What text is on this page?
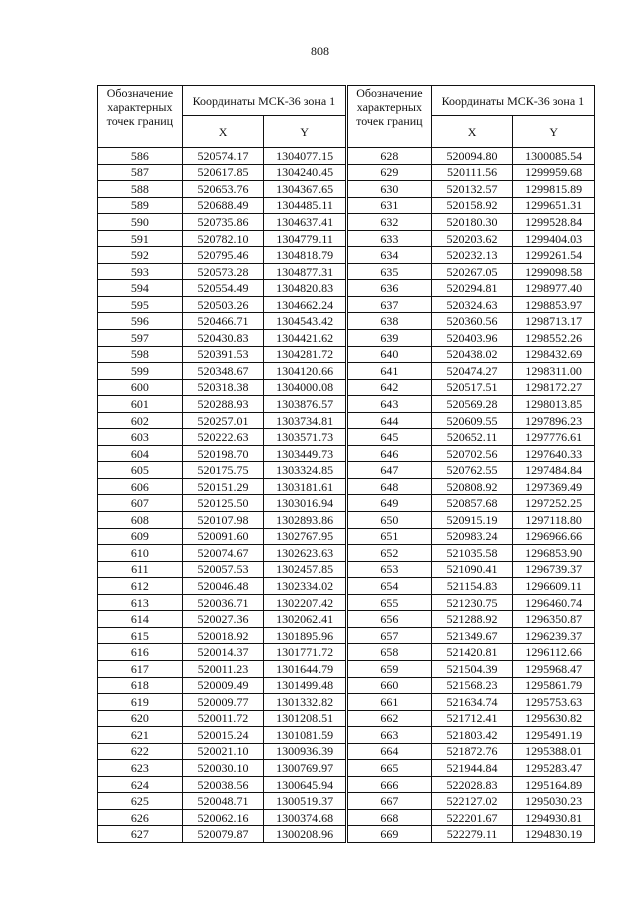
808
Обозначение характерных точек границ	Координаты МСК-36 зона 1	
	X	Y
586	520574.17	1304077.15
587	520617.85	1304240.45
588	520653.76	1304367.65
589	520688.49	1304485.11
590	520735.86	1304637.41
591	520782.10	1304779.11
592	520795.46	1304818.79
593	520573.28	1304877.31
594	520554.49	1304820.83
595	520503.26	1304662.24
596	520466.71	1304543.42
597	520430.83	1304421.62
598	520391.53	1304281.72
599	520348.67	1304120.66
600	520318.38	1304000.08
601	520288.93	1303876.57
602	520257.01	1303734.81
603	520222.63	1303571.73
604	520198.70	1303449.73
605	520175.75	1303324.85
606	520151.29	1303181.61
607	520125.50	1303016.94
608	520107.98	1302893.86
609	520091.60	1302767.95
610	520074.67	1302623.63
611	520057.53	1302457.85
612	520046.48	1302334.02
613	520036.71	1302207.42
614	520027.36	1302062.41
615	520018.92	1301895.96
616	520014.37	1301771.72
617	520011.23	1301644.79
618	520009.49	1301499.48
619	520009.77	1301332.82
620	520011.72	1301208.51
621	520015.24	1301081.59
622	520021.10	1300936.39
623	520030.10	1300769.97
624	520038.56	1300645.94
625	520048.71	1300519.37
626	520062.16	1300374.68
627	520079.87	1300208.96
Обозначение характерных точек границ	Координаты МСК-36 зона 1	
	X	Y
628	520094.80	1300085.54
629	520111.56	1299959.68
630	520132.57	1299815.89
631	520158.92	1299651.31
632	520180.30	1299528.84
633	520203.62	1299404.03
634	520232.13	1299261.54
635	520267.05	1299098.58
636	520294.81	1298977.40
637	520324.63	1298853.97
638	520360.56	1298713.17
639	520403.96	1298552.26
640	520438.02	1298432.69
641	520474.27	1298311.00
642	520517.51	1298172.27
643	520569.28	1298013.85
644	520609.55	1297896.23
645	520652.11	1297776.61
646	520702.56	1297640.33
647	520762.55	1297484.84
648	520808.92	1297369.49
649	520857.68	1297252.25
650	520915.19	1297118.80
651	520983.24	1296966.66
652	521035.58	1296853.90
653	521090.41	1296739.37
654	521154.83	1296609.11
655	521230.75	1296460.74
656	521288.92	1296350.87
657	521349.67	1296239.37
658	521420.81	1296112.66
659	521504.39	1295968.47
660	521568.23	1295861.79
661	521634.74	1295753.63
662	521712.41	1295630.82
663	521803.42	1295491.19
664	521872.76	1295388.01
665	521944.84	1295283.47
666	522028.83	1295164.89
667	522127.02	1295030.23
668	522201.67	1294930.81
669	522279.11	1294830.19
